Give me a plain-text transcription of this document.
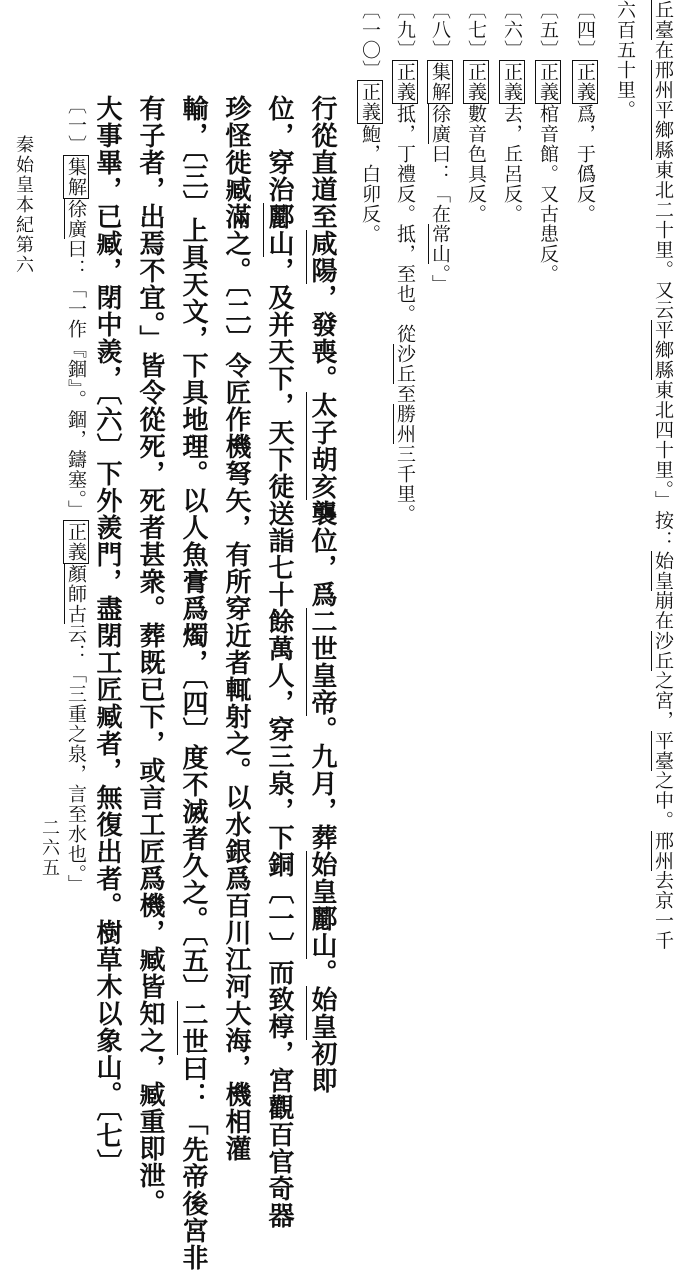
二六五
丘臺在邢州平鄉縣東北二十里。又云平鄉縣東北四十里。」按：始皇崩在沙丘之宮，平臺之中。邢州去京一千
六百五十里。
〔四〕正義爲，于僞反。
〔五〕正義棺音館。又古患反。
〔六〕正義去，丘呂反。
〔七〕正義數音色具反。
〔八〕集解徐廣曰：「在常山。」
〔九〕正義抵，丁禮反。抵，至也。從沙丘至勝州三千里。
〔一〇〕正義鮑，白卯反。
行從直道至咸陽，發喪。太子胡亥襲位，爲二世皇帝。九月，葬始皇酈山。始皇初即
位，穿治酈山，及并天下，天下徒送詣七十餘萬人，穿三泉，下銅〔一〕而致椁，宮觀百官奇器
珍怪徙臧滿之。〔二〕令匠作機弩矢，有所穿近者輒射之。以水銀爲百川江河大海，機相灌
輸，〔三〕上具天文，下具地理。以人魚膏爲燭，〔四〕度不滅者久之。〔五〕二世曰：「先帝後宮非
有子者，出焉不宜。」皆令從死，死者甚衆。葬既已下，或言工匠爲機，臧皆知之，臧重即泄。
大事畢，已臧，閉中羨，〔六〕下外羨門，盡閉工匠臧者，無復出者。樹草木以象山。〔七〕
〔一〕集解徐廣曰：「一作『錮』。錮，鑄塞。」正義顏師古云：「三重之泉，言至水也。」
秦始皇本紀第六
